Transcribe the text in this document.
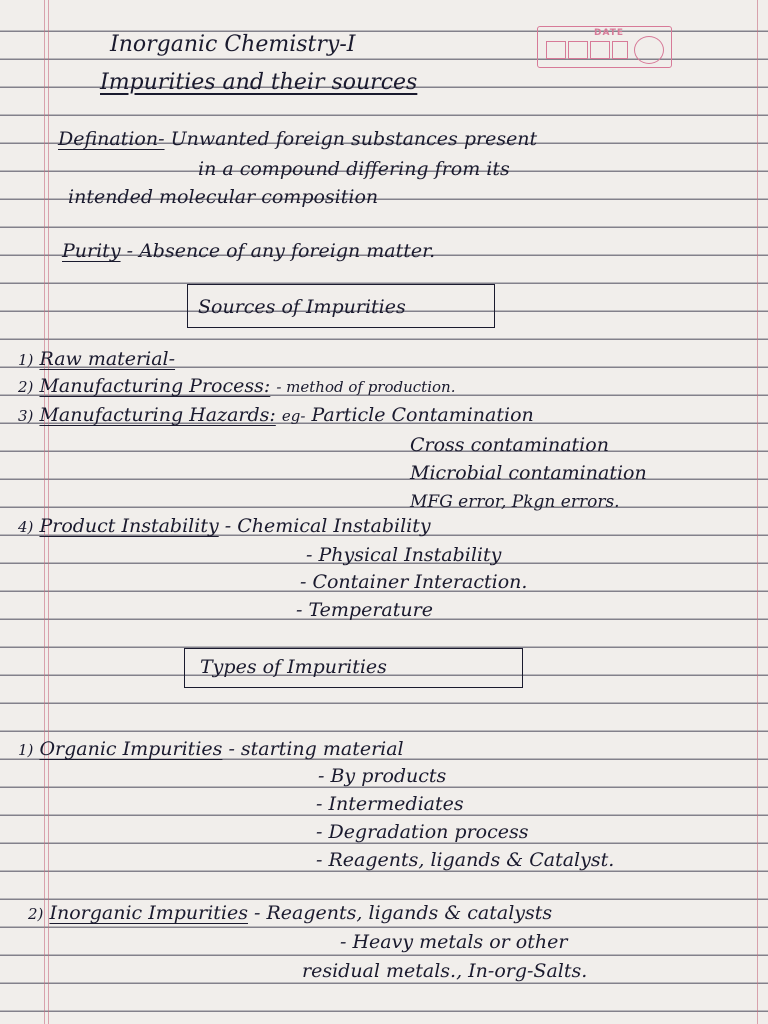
DATE
Inorganic Chemistry-I
Impurities and their sources
Defination- Unwanted foreign substances present
in a compound differing from its
intended molecular composition
Purity - Absence of any foreign matter.
Sources of Impurities
1) Raw material-
2) Manufacturing Process: - method of production.
3) Manufacturing Hazards: eg- Particle Contamination
Cross contamination
Microbial contamination
MFG error, Pkgn errors.
4) Product Instability - Chemical Instability
- Physical Instability
- Container Interaction.
- Temperature
Types of Impurities
1) Organic Impurities - starting material
- By products
- Intermediates
- Degradation process
- Reagents, ligands & Catalyst.
2) Inorganic Impurities - Reagents, ligands & catalysts
- Heavy metals or other
residual metals., In-org-Salts.
